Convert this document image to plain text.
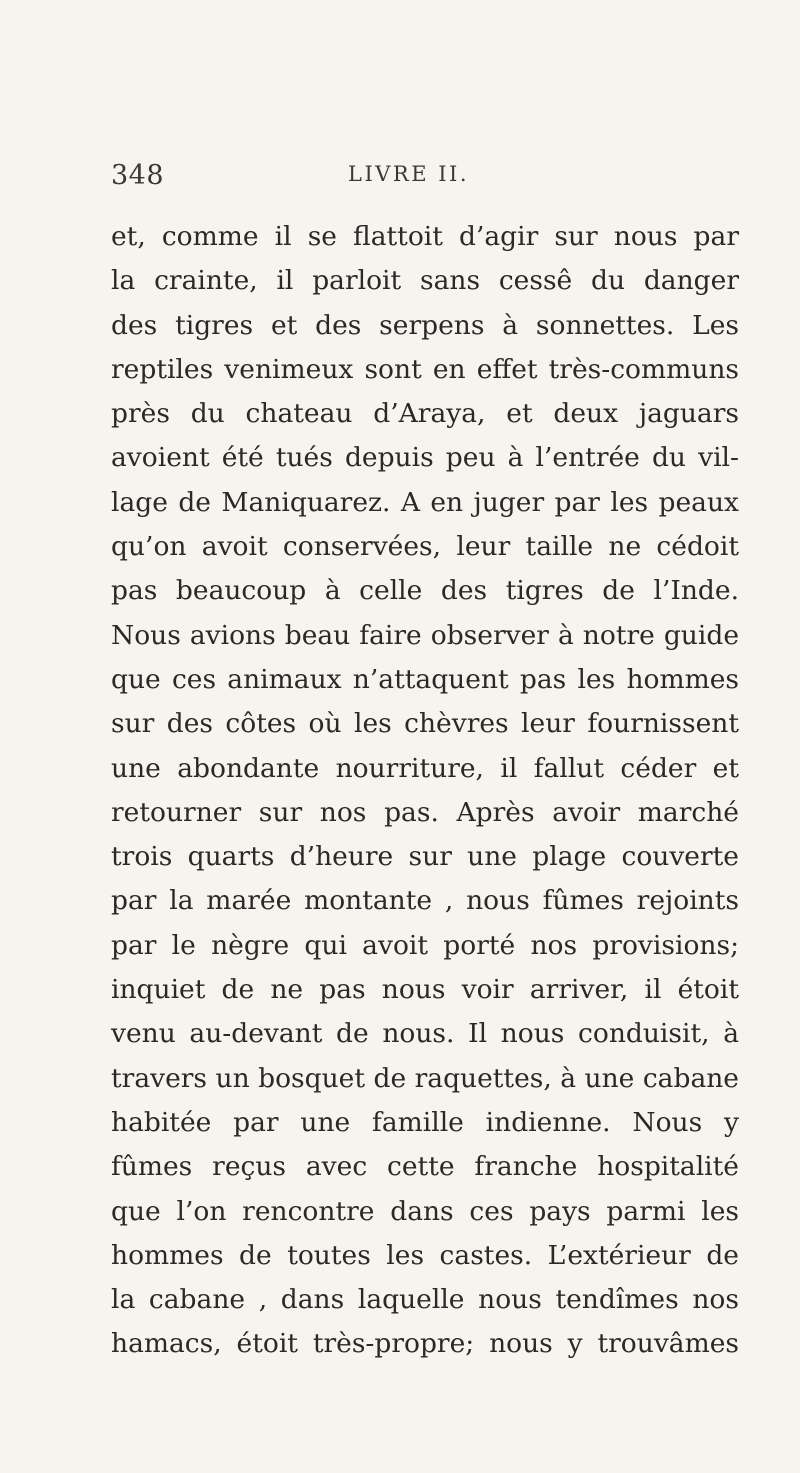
348	LIVRE II.
et, comme il se flattoit d’agir sur nous par
la crainte, il parloit sans cessê du danger
des tigres et des serpens à sonnettes. Les
reptiles venimeux sont en effet très-communs
près du chateau d’Araya, et deux jaguars
avoient été tués depuis peu à l’entrée du vil-
lage de Maniquarez. A en juger par les peaux
qu’on avoit conservées, leur taille ne cédoit
pas beaucoup à celle des tigres de l’Inde.
Nous avions beau faire observer à notre guide
que ces animaux n’attaquent pas les hommes
sur des côtes où les chèvres leur fournissent
une abondante nourriture, il fallut céder et
retourner sur nos pas. Après avoir marché
trois quarts d’heure sur une plage couverte
par la marée montante , nous fûmes rejoints
par le nègre qui avoit porté nos provisions;
inquiet de ne pas nous voir arriver, il étoit
venu au-devant de nous. Il nous conduisit, à
travers un bosquet de raquettes, à une cabane
habitée par une famille indienne. Nous y
fûmes reçus avec cette franche hospitalité
que l’on rencontre dans ces pays parmi les
hommes de toutes les castes. L’extérieur de
la cabane , dans laquelle nous tendîmes nos
hamacs, étoit très-propre; nous y trouvâmes
